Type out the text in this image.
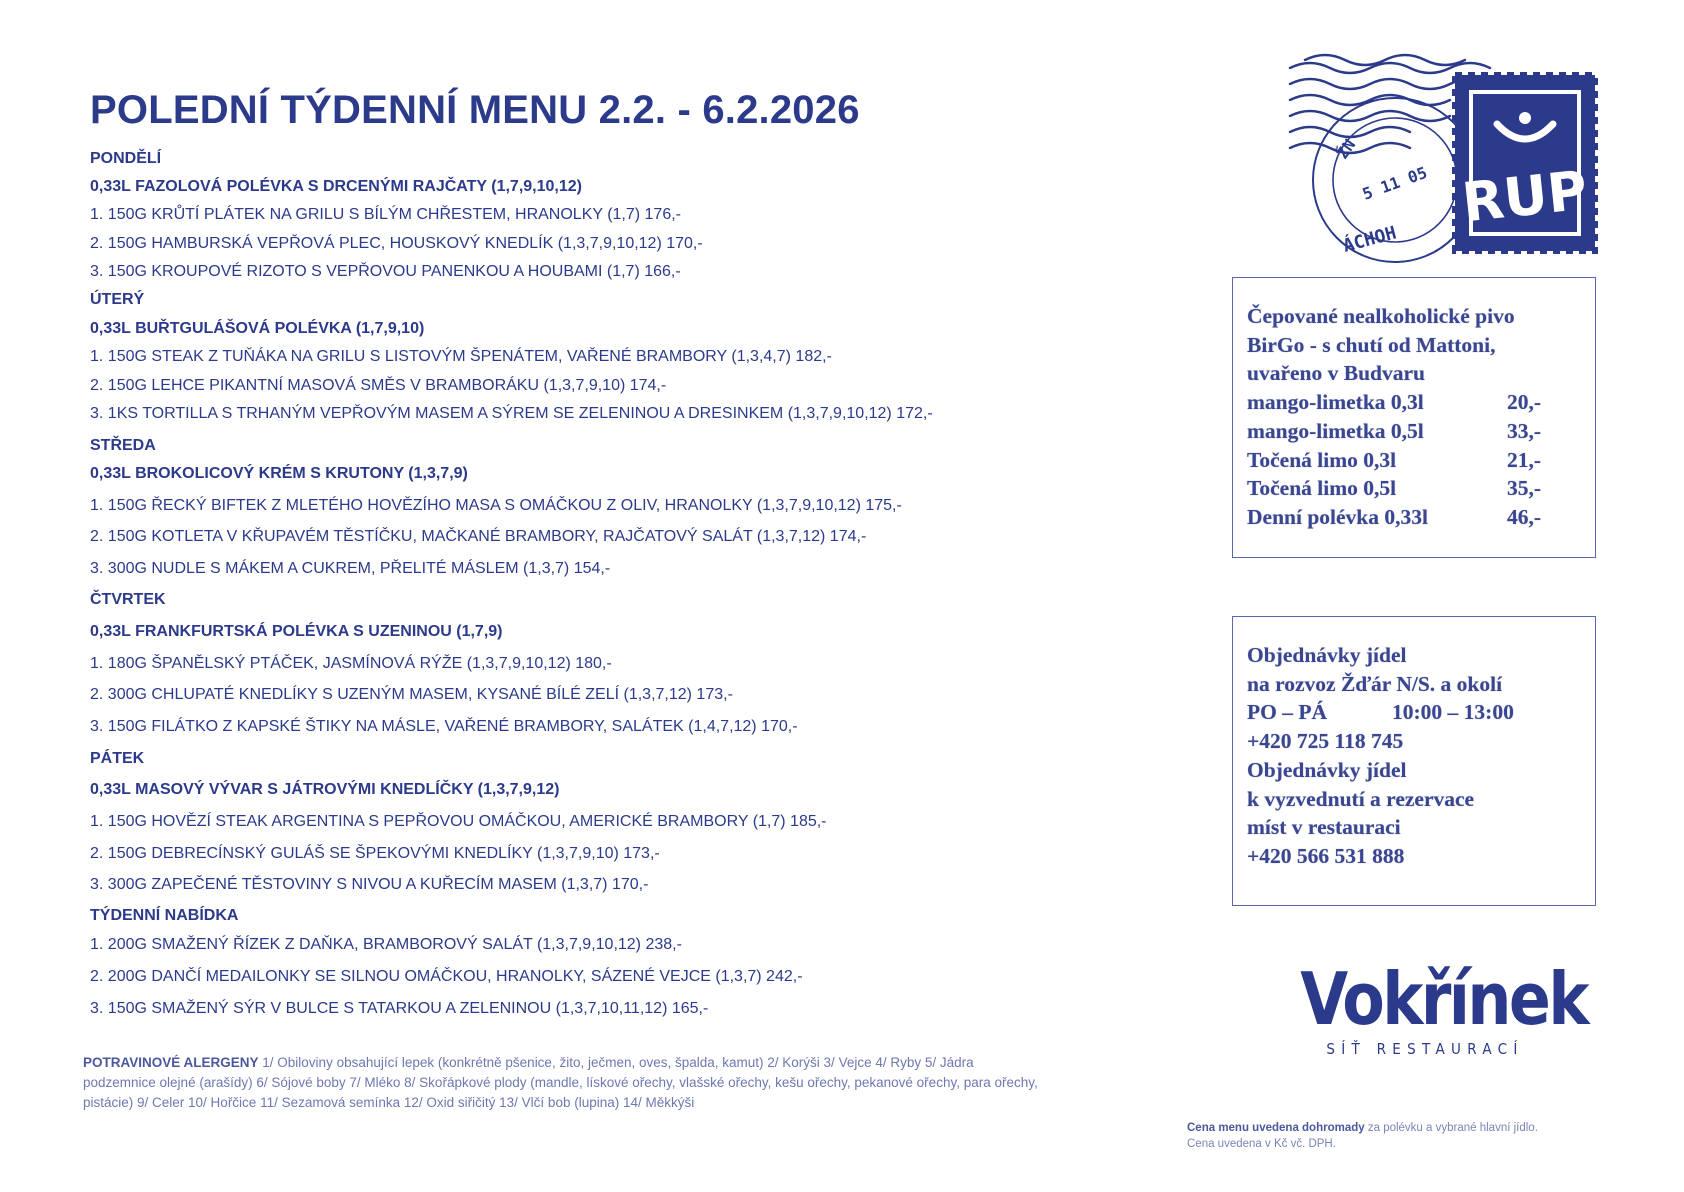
POLEDNÍ TÝDENNÍ MENU 2.2. - 6.2.2026
PONDĚLÍ
0,33L FAZOLOVÁ POLÉVKA S DRCENÝMI RAJČATY (1,7,9,10,12)
1. 150G KRŮTÍ PLÁTEK NA GRILU S BÍLÝM CHŘESTEM, HRANOLKY (1,7) 176,-
2. 150G HAMBURSKÁ VEPŘOVÁ PLEC, HOUSKOVÝ KNEDLÍK (1,3,7,9,10,12) 170,-
3. 150G KROUPOVÉ RIZOTO S VEPŘOVOU PANENKOU A HOUBAMI (1,7) 166,-
ÚTERÝ
0,33L BUŘTGULÁŠOVÁ POLÉVKA (1,7,9,10)
1. 150G STEAK Z TUŇÁKA NA GRILU S LISTOVÝM ŠPENÁTEM, VAŘENÉ BRAMBORY (1,3,4,7) 182,-
2. 150G LEHCE PIKANTNÍ MASOVÁ SMĚS V BRAMBORÁKU (1,3,7,9,10) 174,-
3. 1KS TORTILLA S TRHANÝM VEPŘOVÝM MASEM A SÝREM SE ZELENINOU A DRESINKEM (1,3,7,9,10,12) 172,-
STŘEDA
0,33L BROKOLICOVÝ KRÉM S KRUTONY (1,3,7,9)
1. 150G ŘECKÝ BIFTEK Z MLETÉHO HOVĚZÍHO MASA S OMÁČKOU Z OLIV, HRANOLKY (1,3,7,9,10,12) 175,-
2. 150G KOTLETA V KŘUPAVÉM TĚSTÍČKU, MAČKANÉ BRAMBORY, RAJČATOVÝ SALÁT (1,3,7,12) 174,-
3. 300G NUDLE S MÁKEM A CUKREM, PŘELITÉ MÁSLEM (1,3,7) 154,-
ČTVRTEK
0,33L FRANKFURTSKÁ POLÉVKA S UZENINOU (1,7,9)
1. 180G ŠPANĚLSKÝ PTÁČEK, JASMÍNOVÁ RÝŽE (1,3,7,9,10,12) 180,-
2. 300G CHLUPATÉ KNEDLÍKY S UZENÝM MASEM, KYSANÉ BÍLÉ ZELÍ (1,3,7,12) 173,-
3. 150G FILÁTKO Z KAPSKÉ ŠTIKY NA MÁSLE, VAŘENÉ BRAMBORY, SALÁTEK (1,4,7,12) 170,-
PÁTEK
0,33L MASOVÝ VÝVAR S JÁTROVÝMI KNEDLÍČKY (1,3,7,9,12)
1. 150G HOVĚZÍ STEAK ARGENTINA S PEPŘOVOU OMÁČKOU, AMERICKÉ BRAMBORY (1,7) 185,-
2. 150G DEBRECÍNSKÝ GULÁŠ SE ŠPEKOVÝMI KNEDLÍKY (1,3,7,9,10) 173,-
3. 300G ZAPEČENÉ TĚSTOVINY S NIVOU A KUŘECÍM MASEM (1,3,7) 170,-
TÝDENNÍ NABÍDKA
1. 200G SMAŽENÝ ŘÍZEK Z DAŇKA, BRAMBOROVÝ SALÁT (1,3,7,9,10,12) 238,-
2. 200G DANČÍ MEDAILONKY SE SILNOU OMÁČKOU, HRANOLKY, SÁZENÉ VEJCE (1,3,7) 242,-
3. 150G SMAŽENÝ SÝR V BULCE S TATARKOU A ZELENINOU (1,3,7,10,11,12) 165,-
POTRAVINOVÉ ALERGENY 1/ Obiloviny obsahující lepek (konkrétně pšenice, žito, ječmen, oves, špalda, kamut) 2/ Korýši 3/ Vejce 4/ Ryby 5/ Jádra podzemnice olejné (arašídy) 6/ Sójové boby 7/ Mléko 8/ Skořápkové plody (mandle, lískové ořechy, vlašské ořechy, kešu ořechy, pekanové ořechy, para ořechy, pistácie) 9/ Celer 10/ Hořčice 11/ Sezamová semínka 12/ Oxid siřičitý 13/ Vlčí bob (lupina) 14/ Měkkýši
RUP
ŽN
5 11 05
ÁCHOH
Čepované nealkoholické pivo
BirGo - s chutí od Mattoni,
uvařeno v Budvaru
mango-limetka 0,3l	20,-
mango-limetka 0,5l	33,-
Točená limo 0,3l	21,-
Točená limo 0,5l	35,-
Denní polévka 0,33l	46,-
Objednávky jídel
na rozvoz Žďár N/S. a okolí
PO – PÁ	10:00 – 13:00
+420 725 118 745
Objednávky jídel
k vyzvednutí a rezervace
míst v restauraci
+420 566 531 888
Vokřínek
SÍŤ RESTAURACÍ
Cena menu uvedena dohromady za polévku a vybrané hlavní jídlo.
Cena uvedena v Kč vč. DPH.
